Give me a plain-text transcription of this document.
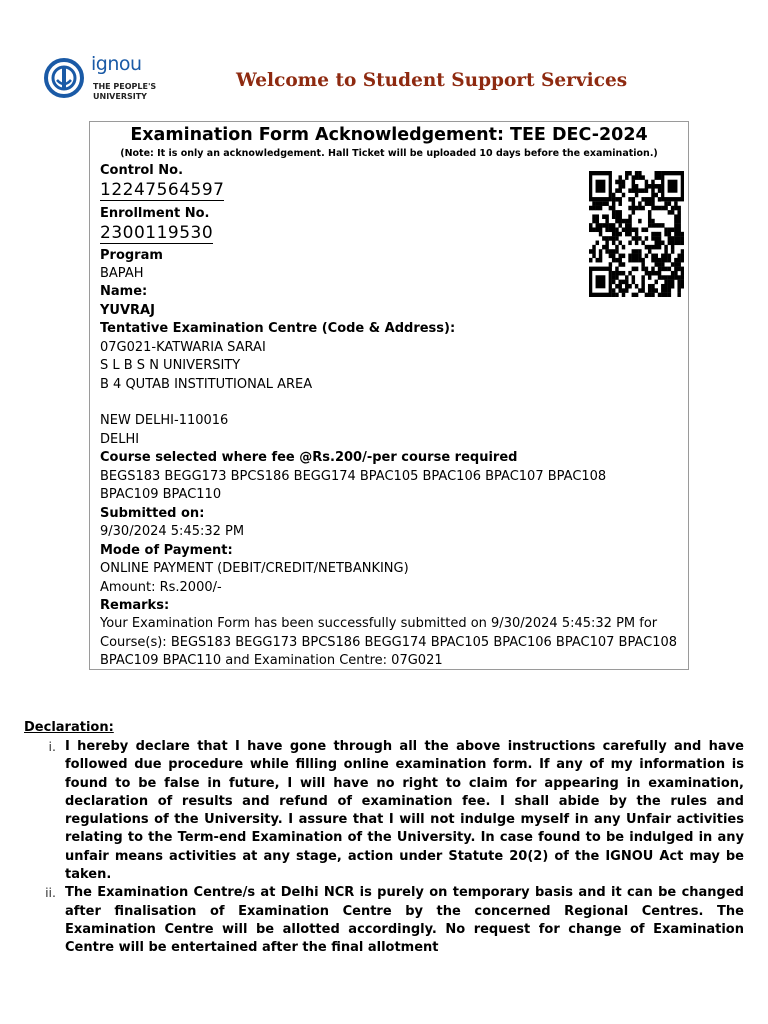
ignou
THE PEOPLE'S
UNIVERSITY
Welcome to Student Support Services
Examination Form Acknowledgement: TEE DEC-2024
(Note: It is only an acknowledgement. Hall Ticket will be uploaded 10 days before the examination.)
Control No.
12247564597
Enrollment No.
2300119530
Program
BAPAH
Name:
YUVRAJ
Tentative Examination Centre (Code & Address):
07G021-KATWARIA SARAI
S L B S N UNIVERSITY
B 4 QUTAB INSTITUTIONAL AREA
NEW DELHI-110016
DELHI
Course selected where fee @Rs.200/-per course required
BEGS183 BEGG173 BPCS186 BEGG174 BPAC105 BPAC106 BPAC107 BPAC108
BPAC109 BPAC110
Submitted on:
9/30/2024 5:45:32 PM
Mode of Payment:
ONLINE PAYMENT (DEBIT/CREDIT/NETBANKING)
Amount: Rs.2000/-
Remarks:
Your Examination Form has been successfully submitted on 9/30/2024 5:45:32 PM for Course(s): BEGS183 BEGG173 BPCS186 BEGG174 BPAC105 BPAC106 BPAC107 BPAC108 BPAC109 BPAC110 and Examination Centre: 07G021
Declaration:
i. I hereby declare that I have gone through all the above instructions carefully and have followed due procedure while filling online examination form. If any of my information is found to be false in future, I will have no right to claim for appearing in examination, declaration of results and refund of examination fee. I shall abide by the rules and regulations of the University. I assure that I will not indulge myself in any Unfair activities relating to the Term-end Examination of the University. In case found to be indulged in any unfair means activities at any stage, action under Statute 20(2) of the IGNOU Act may be taken.
ii. The Examination Centre/s at Delhi NCR is purely on temporary basis and it can be changed after finalisation of Examination Centre by the concerned Regional Centres. The Examination Centre will be allotted accordingly. No request for change of Examination Centre will be entertained after the final allotment
